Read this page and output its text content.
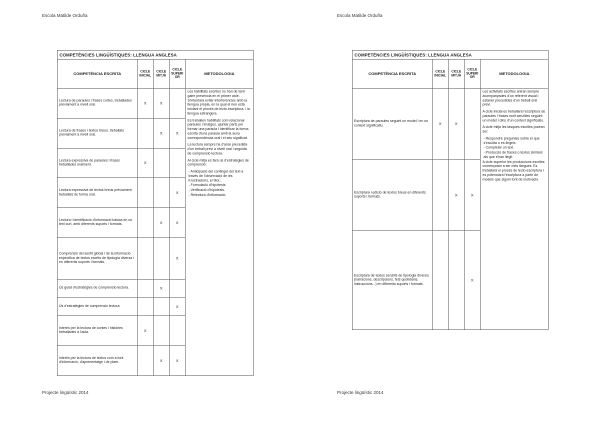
Escola Matilde Orduña
COMPETÈNCIES LINGÜÍSTIQUES: LLENGUA ANGLESA				
COMPETÈNCIA ESCRITA	CICLE INICIAL	CICLE MITJÀ	CICLE SUPERIOR	METODOLOGIA
Lectura de paraules i frases curtes, treballades prèviament a nivell oral.	X	X		

Les habilitats escrites no han de tenir gaire presència en el primer cicle. S'intentarà evitar interferències amb la llengua pròpia, en la qual el nen està iniciant el procés de lecto-escriptura, i la llengua estrangera.

Es treballen habilitats com relacionar paraules i imatges, ajuntar parts per formar una paraula i identificar la forma escrita d'una paraula amb la seva correspondència oral i el seu significat.

La lectura sempre ha d'anar precedida d'un treball previ a nivell oral i seguida de comprensió lectora.

Al cicle mitjà es farà ús d'estratègies de comprensió:

- Anticipació del contingut del text a través de l'observació de les il·lustracions, el títol...

- Formulació d'hipòtesis.

- Verificació d'hipòtesis.

- Relectura d'informació.

Lectura de frases i textos breus, treballats prèviament a nivell oral.		X	X	
Lectura expressiva de paraules i frases treballades oralment.	X			
Lectura expressiva de textos breus prèviament treballats de forma oral.			X	
Lectura i identificació d'informació bàsica en un text curt, amb diferents suports i formats.		X	X	
Comprensió del sentit global i de la informació específica de textos escrits de tipologia diversa i en diferents suports i formats.			X	
Ús guiat d'estratègies de comprensió lectora.		X		
Ús d'estratègies de comprensió lectora.			X	
Interès per la lectura de contes i històries treballades a l'aula.	X			
Interès per la lectura de textos com a font d'informació, d'aprenentatge i de plaer.		X	X	
Projecte lingüístic 2014
Escola Matilde Orduña
COMPETÈNCIES LINGÜÍSTIQUES: LLENGUA ANGLESA				
COMPETÈNCIA ESCRITA	CICLE INICIAL	CICLE MITJÀ	CICLE SUPERIOR	METODOLOGIA
Escriptura de paraules seguint un model i en un context significatiu.	X	X		

Les activitats escrites aniran sempre acompanyades d'un referent visual i estaran precedides d'un treball oral previ.

A cicle inicial es treballarà l'escriptura de paraules i frases molt senzilles seguint un model i dins d'un context significatiu.

A cicle mitjà les tasques escrites podran ser:

- Respondre preguntes sobre el que s'escolta o es llegeix.

- Completar un text.

- Producció de frases o textos similars als que s'han llegit.

A cicle superior les produccions escrites començaran a ser més llargues. Es treballarà el procés de lecto-escriptura i es potenciarà l'escriptura a partir de models que siguin font de motivació.

Escriptura i edició de textos breus en diferents suports i formats.		X	X	
Escriptura de textos senzills de tipologia diversa (narracions, descripcions, fets quotidians, instruccions...) en diferents suports i formats.			X	
Projecte lingüístic 2014
